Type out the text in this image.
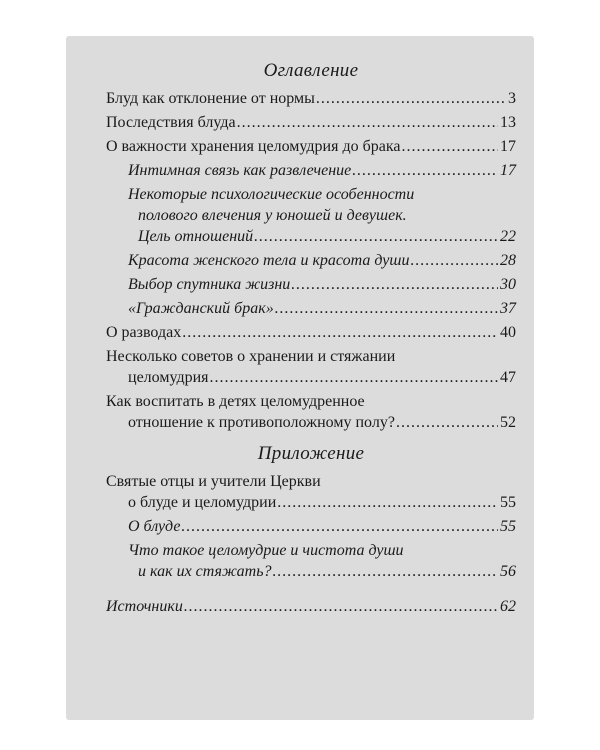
Оглавление
Блуд как отклонение от нормы .....	3
Последствия блуда .....	13
О важности хранения целомудрия до брака .....	17
Интимная связь как развлечение .....	17
Некоторые психологические особенности
полового влечения у юношей и девушек.
Цель отношений .....	22
Красота женского тела и красота души .....	28
Выбор спутника жизни .....	30
«Гражданский брак» .....	37
О разводах .....	40
Несколько советов о хранении и стяжании
целомудрия .....	47
Как воспитать в детях целомудренное
отношение к противоположному полу? .....	52
Приложение
Святые отцы и учители Церкви
о блуде и целомудрии .....	55
О блуде .....	55
Что такое целомудрие и чистота души
и как их стяжать? .....	56
Источники .....	62
